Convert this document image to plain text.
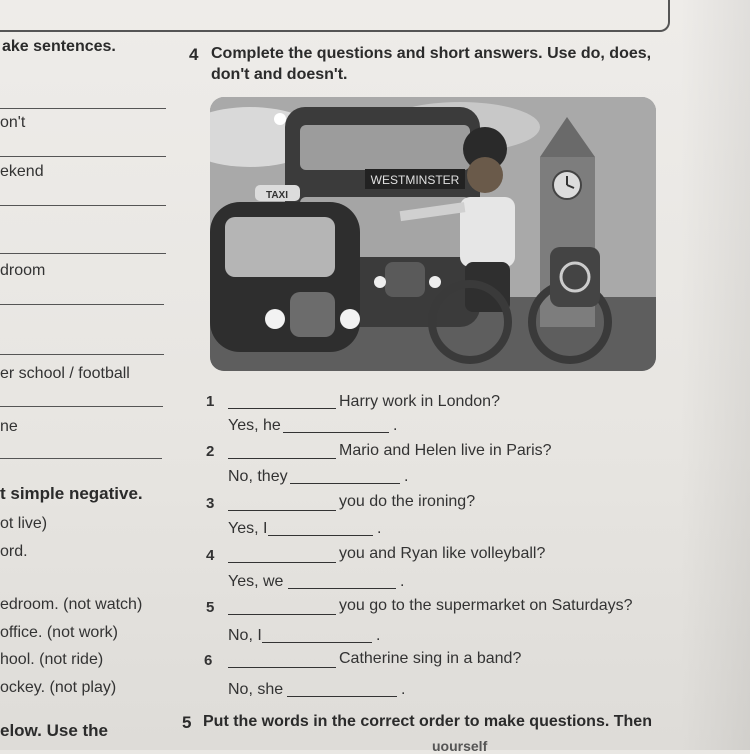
ake sentences.
on't
ekend
droom
er school / football
ne
t simple negative.
ot live)
ord.
edroom. (not watch)
office. (not work)
hool. (not ride)
ockey. (not play)
elow. Use the
4 Complete the questions and short answers. Use do, does,
don't and doesn't.
WESTMINSTER
TAXI
1	Harry work in London?
Yes, he	.
2	Mario and Helen live in Paris?
No, they	.
3	you do the ironing?
Yes, I	.
4	you and Ryan like volleyball?
Yes, we	.
5	you go to the supermarket on Saturdays?
No, I	.
6	Catherine sing in a band?
No, she	.
5 Put the words in the correct order to make questions. Then
uourself
